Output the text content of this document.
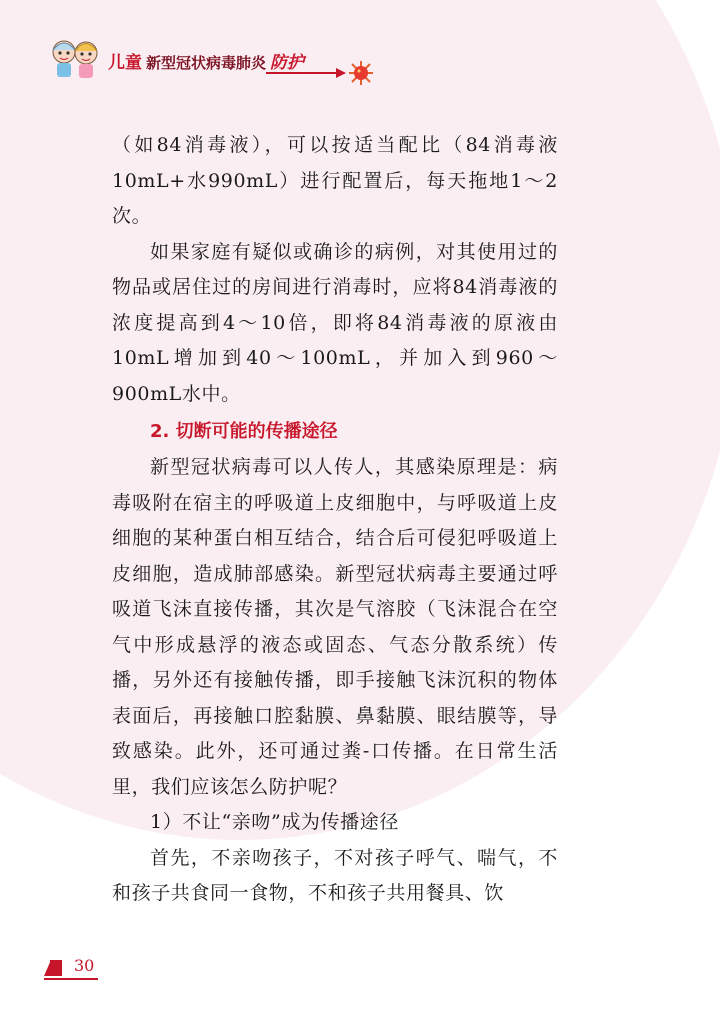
儿童 新型冠状病毒肺炎 防护

（如84消毒液），可以按适当配比（84消毒液10mL+水990mL）进行配置后，每天拖地1～2次。

如果家庭有疑似或确诊的病例，对其使用过的物品或居住过的房间进行消毒时，应将84消毒液的浓度提高到4～10倍，即将84消毒液的原液由10mL增加到40～100mL，并加入到960～900mL水中。

2. 切断可能的传播途径

新型冠状病毒可以人传人，其感染原理是：病毒吸附在宿主的呼吸道上皮细胞中，与呼吸道上皮细胞的某种蛋白相互结合，结合后可侵犯呼吸道上皮细胞，造成肺部感染。新型冠状病毒主要通过呼吸道飞沫直接传播，其次是气溶胶（飞沫混合在空气中形成悬浮的液态或固态、气态分散系统）传播，另外还有接触传播，即手接触飞沫沉积的物体表面后，再接触口腔黏膜、鼻黏膜、眼结膜等，导致感染。此外，还可通过粪-口传播。在日常生活里，我们应该怎么防护呢？

1）不让“亲吻”成为传播途径

首先，不亲吻孩子，不对孩子呼气、喘气，不和孩子共食同一食物，不和孩子共用餐具、饮

30
